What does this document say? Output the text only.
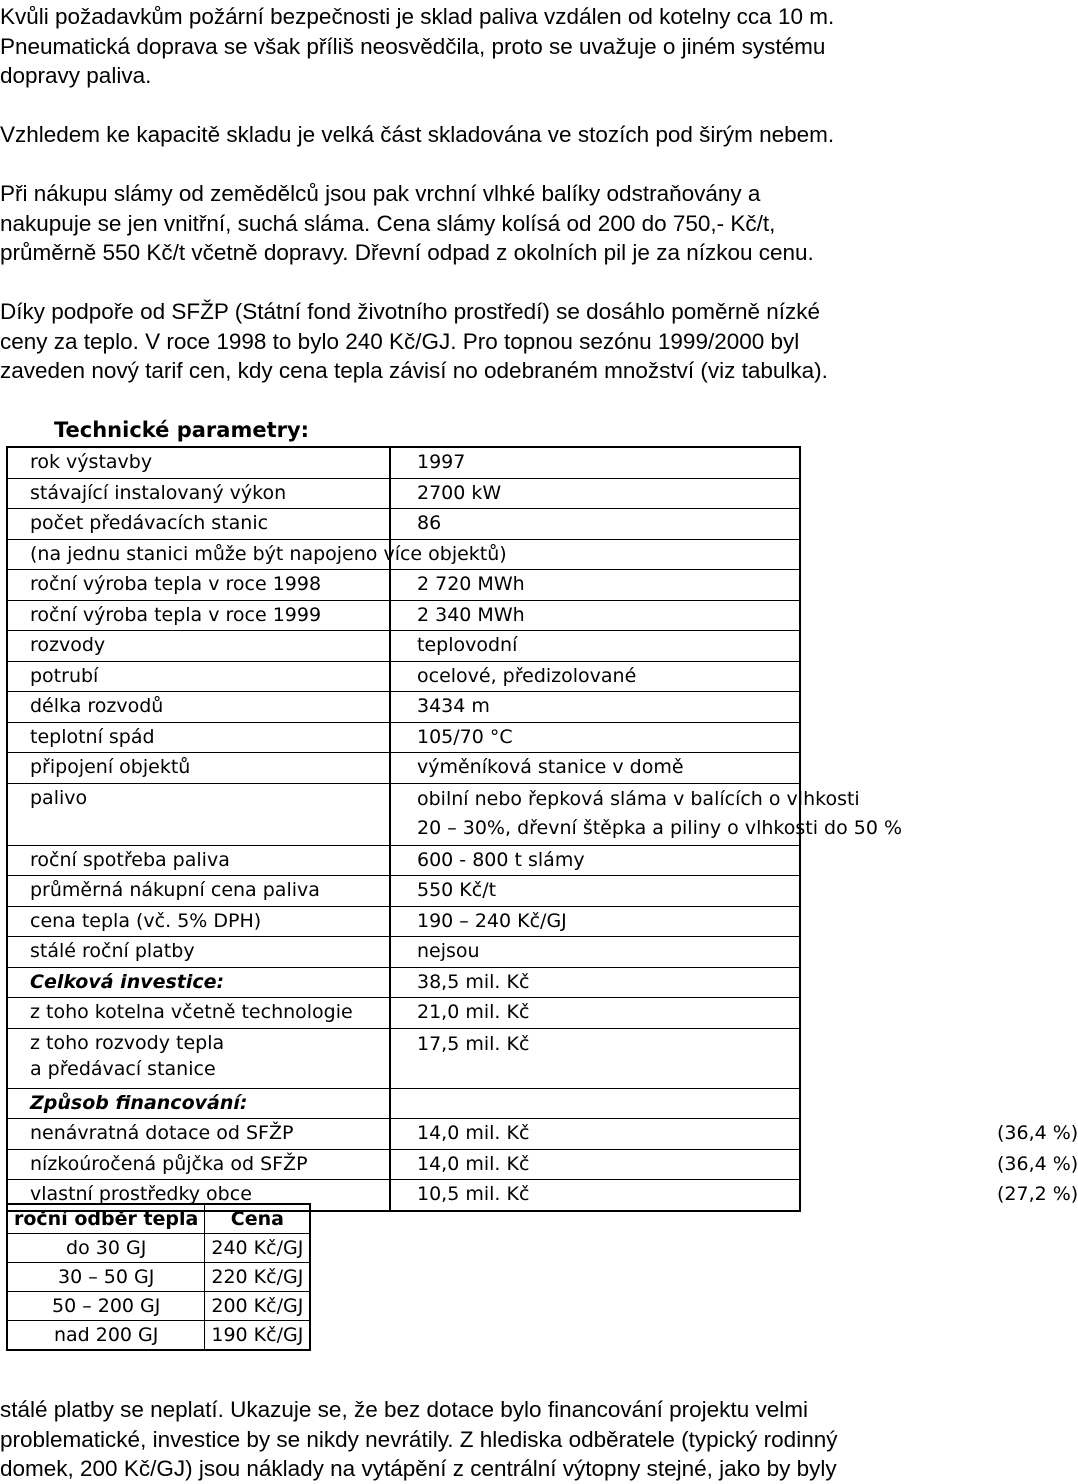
Kvůli požadavkům požární bezpečnosti je sklad paliva vzdálen od kotelny cca 10 m.

Pneumatická doprava se však příliš neosvědčila, proto se uvažuje o jiném systému

dopravy paliva.

Vzhledem ke kapacitě skladu je velká část skladována ve stozích pod širým nebem.

Při nákupu slámy od zemědělců jsou pak vrchní vlhké balíky odstraňovány a

nakupuje se jen vnitřní, suchá sláma. Cena slámy kolísá od 200 do 750,- Kč/t,

průměrně 550 Kč/t včetně dopravy. Dřevní odpad z okolních pil je za nízkou cenu.

Díky podpoře od SFŽP (Státní fond životního prostředí) se dosáhlo poměrně nízké

ceny za teplo. V roce 1998 to bylo 240 Kč/GJ. Pro topnou sezónu 1999/2000 byl

zaveden nový tarif cen, kdy cena tepla závisí no odebraném množství (viz tabulka).

Technické parametry:
rok výstavby	1997
stávající instalovaný výkon	2700 kW
počet předávacích stanic	86
(na jednu stanici může být napojeno více objektů)	
roční výroba tepla v roce 1998	2 720 MWh
roční výroba tepla v roce 1999	2 340 MWh
rozvody	teplovodní
potrubí	ocelové, předizolované
délka rozvodů	3434 m
teplotní spád	105/70 °C
připojení objektů	výměníková stanice v domě
palivo	obilní nebo řepková sláma v balících o vlhkosti
20 – 30%, dřevní štěpka a piliny o vlhkosti do 50 %
roční spotřeba paliva	600 - 800 t slámy
průměrná nákupní cena paliva	550 Kč/t
cena tepla (vč. 5% DPH)	190 – 240 Kč/GJ
stálé roční platby	nejsou
Celková investice:	38,5 mil. Kč
z toho kotelna včetně technologie	21,0 mil. Kč
z toho rozvody tepla
a předávací stanice	17,5 mil. Kč
Způsob financování:	
nenávratná dotace od SFŽP	14,0 mil. Kč (36,4 %)

nízkoúročená půjčka od SFŽP	14,0 mil. Kč (36,4 %)

vlastní prostředky obce	10,5 mil. Kč (27,2 %)
roční odběr tepla	Cena
do 30 GJ	240 Kč/GJ
30 – 50 GJ	220 Kč/GJ
50 – 200 GJ	200 Kč/GJ
nad 200 GJ	190 Kč/GJ

stálé platby se neplatí. Ukazuje se, že bez dotace bylo financování projektu velmi

problematické, investice by se nikdy nevrátily. Z hlediska odběratele (typický rodinný

domek, 200 Kč/GJ) jsou náklady na vytápění z centrální výtopny stejné, jako by byly
